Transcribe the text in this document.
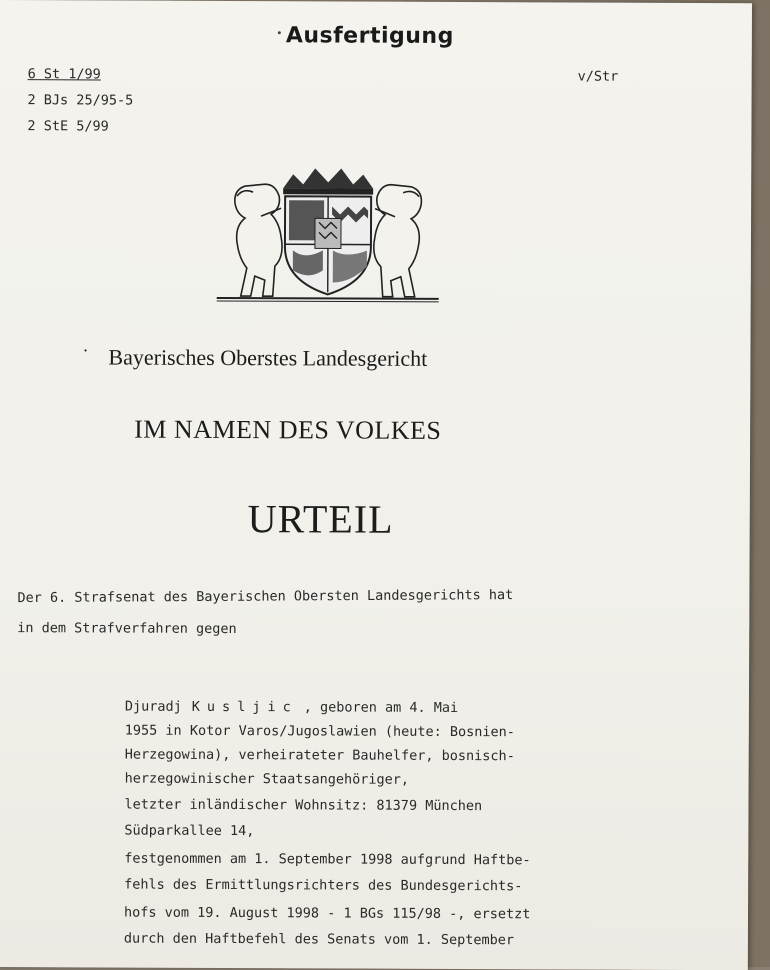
Ausfertigung
6 St 1/99
2 BJs 25/95-5
2 StE 5/99
v/Str
· Bayerisches Oberstes Landesgericht
IM NAMEN DES VOLKES
URTEIL
Der 6. Strafsenat des Bayerischen Obersten Landesgerichts hat
in dem Strafverfahren gegen
Djuradj Kusljic , geboren am 4. Mai
1955 in Kotor Varos/Jugoslawien (heute: Bosnien-
Herzegowina), verheirateter Bauhelfer, bosnisch-
herzegowinischer Staatsangehöriger,
letzter inländischer Wohnsitz: 81379 München
Südparkallee 14,
festgenommen am 1. September 1998 aufgrund Haftbe-
fehls des Ermittlungsrichters des Bundesgerichts-
hofs vom 19. August 1998 - 1 BGs 115/98 -, ersetzt
durch den Haftbefehl des Senats vom 1. September
